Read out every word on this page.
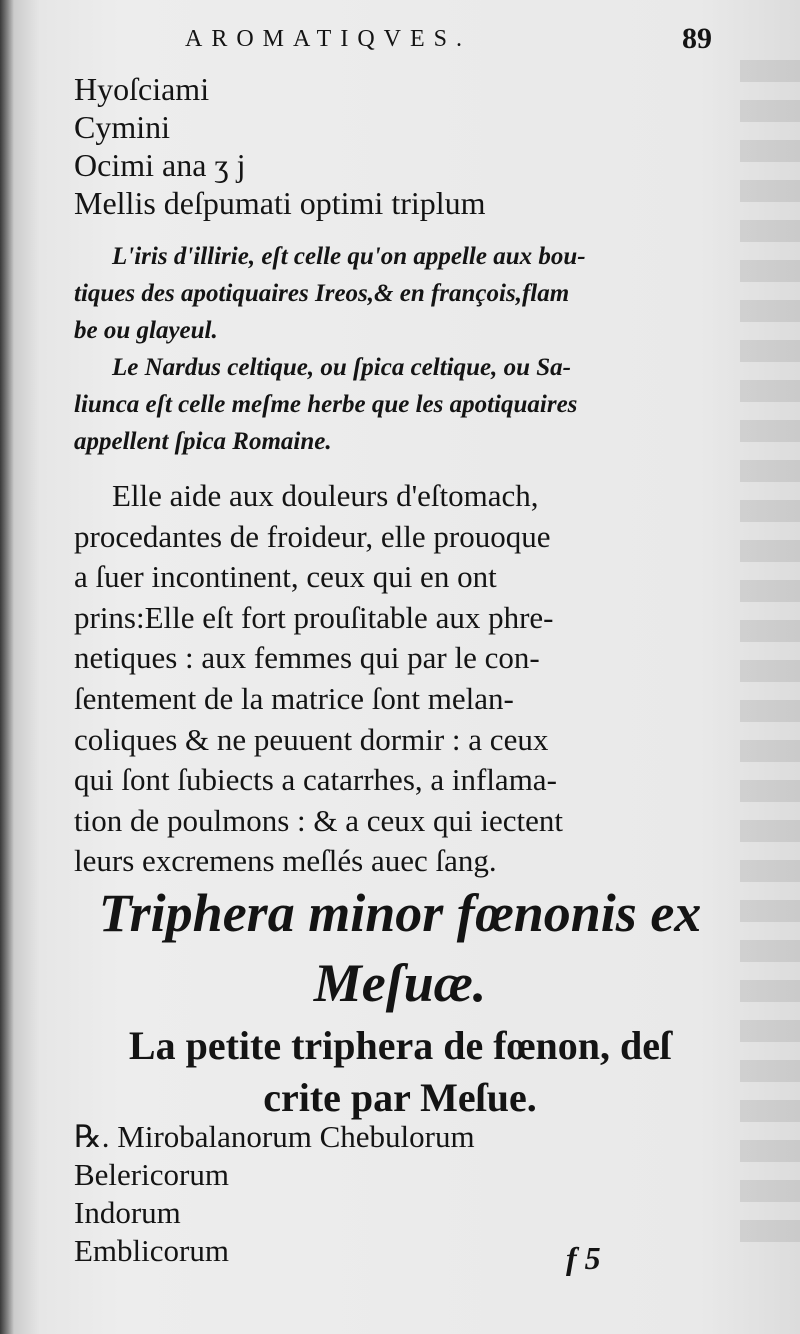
AROMATIQVES.	89
Hyoſciami
Cymini
Ocimi ana ʒ j
Mellis deſpumati optimi triplum
L'iris d'illirie, eſt celle qu'on appelle aux bou-
tiques des apotiquaires Ireos,& en françois,flam
be ou glayeul.
Le Nardus celtique, ou ſpica celtique, ou Sa-
liunca eſt celle meſme herbe que les apotiquaires
appellent ſpica Romaine.
Elle aide aux douleurs d'eſtomach,
procedantes de froideur, elle prouoque
a ſuer incontinent, ceux qui en ont
prins:Elle eſt fort prouſitable aux phre-
netiques : aux femmes qui par le con-
ſentement de la matrice ſont melan-
coliques & ne peuuent dormir : a ceux
qui ſont ſubiects a catarrhes, a inflama-
tion de poulmons : & a ceux qui iectent
leurs excremens meſlés auec ſang.
Triphera minor fœnonis ex
Meſuæ.
La petite triphera de fœnon, deſ
crite par Meſue.
℞. Mirobalanorum Chebulorum
Belericorum
Indorum
Emblicorum	f 5
